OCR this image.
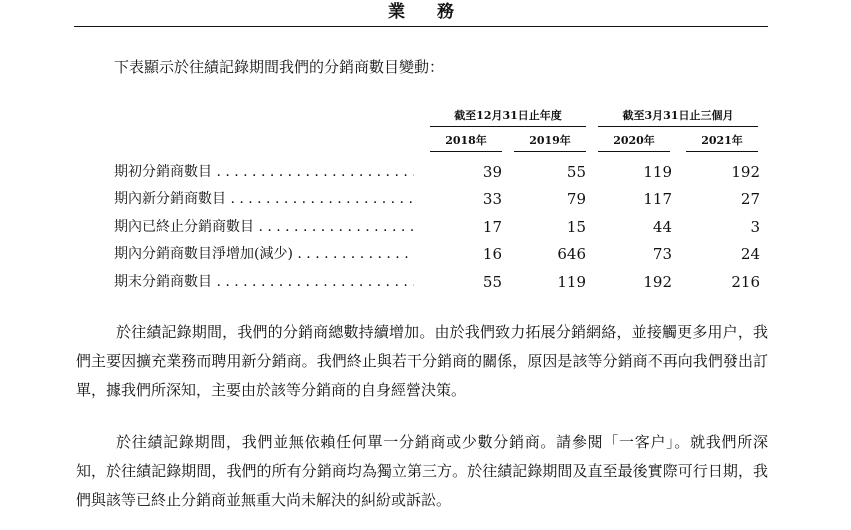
業務

下表顯示於往績記錄期間我們的分銷商數目變動：

截至12月31日止年度	截至3月31日止三個月
2018年	2019年	2020年	2021年
期初分銷商數目 . . .	39	55	119	192
期內新分銷商數目 . . .	33	79	117	27
期內已終止分銷商數目 . . .	17	15	44	3
期內分銷商數目淨增加(減少) . . .	16	646	73	24
期末分銷商數目 . . .	55	119	192	216

於往績記錄期間，我們的分銷商總數持續增加。由於我們致力拓展分銷網絡，並接觸更多用户，我們主要因擴充業務而聘用新分銷商。我們終止與若干分銷商的關係，原因是該等分銷商不再向我們發出訂單，據我們所深知，主要由於該等分銷商的自身經營決策。

於往績記錄期間，我們並無依賴任何單一分銷商或少數分銷商。請參閱「一客户」。就我們所深知，於往績記錄期間，我們的所有分銷商均為獨立第三方。於往績記錄期間及直至最後實際可行日期，我們與該等已終止分銷商並無重大尚未解決的糾紛或訴訟。
